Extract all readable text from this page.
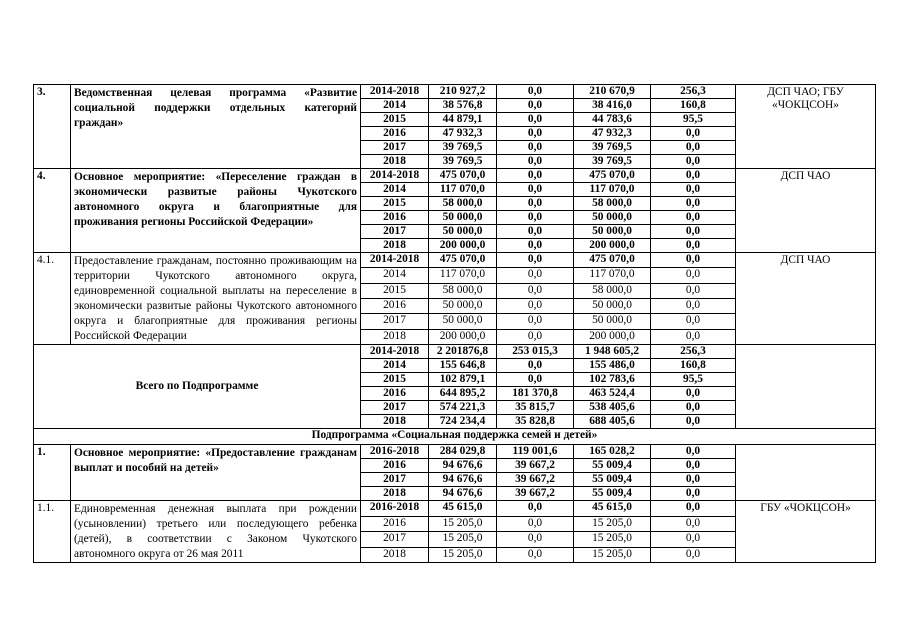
3.	Ведомственная целевая программа «Развитие социальной поддержки отдельных категорий граждан»	2014-2018	210 927,2	0,0	210 670,9	256,3	ДСП ЧАО; ГБУ «ЧОКЦСОН»
		2014	38 576,8	0,0	38 416,0	160,8	
		2015	44 879,1	0,0	44 783,6	95,5	
		2016	47 932,3	0,0	47 932,3	0,0	
		2017	39 769,5	0,0	39 769,5	0,0	
		2018	39 769,5	0,0	39 769,5	0,0	
4.	Основное мероприятие: «Переселение граждан в экономически развитые районы Чукотского автономного округа и благоприятные для проживания регионы Российской Федерации»	2014-2018	475 070,0	0,0	475 070,0	0,0	ДСП ЧАО
		2014	117 070,0	0,0	117 070,0	0,0	
		2015	58 000,0	0,0	58 000,0	0,0	
		2016	50 000,0	0,0	50 000,0	0,0	
		2017	50 000,0	0,0	50 000,0	0,0	
		2018	200 000,0	0,0	200 000,0	0,0	
4.1.	Предоставление гражданам, постоянно проживающим на территории Чукотского автономного округа, единовременной социальной выплаты на переселение в экономически развитые районы Чукотского автономного округа и благоприятные для проживания регионы Российской Федерации	2014-2018	475 070,0	0,0	475 070,0	0,0	ДСП ЧАО
		2014	117 070,0	0,0	117 070,0	0,0	
		2015	58 000,0	0,0	58 000,0	0,0	
		2016	50 000,0	0,0	50 000,0	0,0	
		2017	50 000,0	0,0	50 000,0	0,0	
		2018	200 000,0	0,0	200 000,0	0,0	
Всего по Подпрограмме		2014-2018	2 201876,8	253 015,3	1 948 605,2	256,3	
		2014	155 646,8	0,0	155 486,0	160,8	
		2015	102 879,1	0,0	102 783,6	95,5	
		2016	644 895,2	181 370,8	463 524,4	0,0	
		2017	574 221,3	35 815,7	538 405,6	0,0	
		2018	724 234,4	35 828,8	688 405,6	0,0	
Подпрограмма «Социальная поддержка семей и детей»							
1.	Основное мероприятие: «Предоставление гражданам выплат и пособий на детей»	2016-2018	284 029,8	119 001,6	165 028,2	0,0	
		2016	94 676,6	39 667,2	55 009,4	0,0	
		2017	94 676,6	39 667,2	55 009,4	0,0	
		2018	94 676,6	39 667,2	55 009,4	0,0	
1.1.	Единовременная денежная выплата при рождении (усыновлении) третьего или последующего ребенка (детей), в соответствии с Законом Чукотского автономного округа от 26 мая 2011	2016-2018	45 615,0	0,0	45 615,0	0,0	ГБУ «ЧОКЦСОН»
		2016	15 205,0	0,0	15 205,0	0,0	
		2017	15 205,0	0,0	15 205,0	0,0	
		2018	15 205,0	0,0	15 205,0	0,0	
